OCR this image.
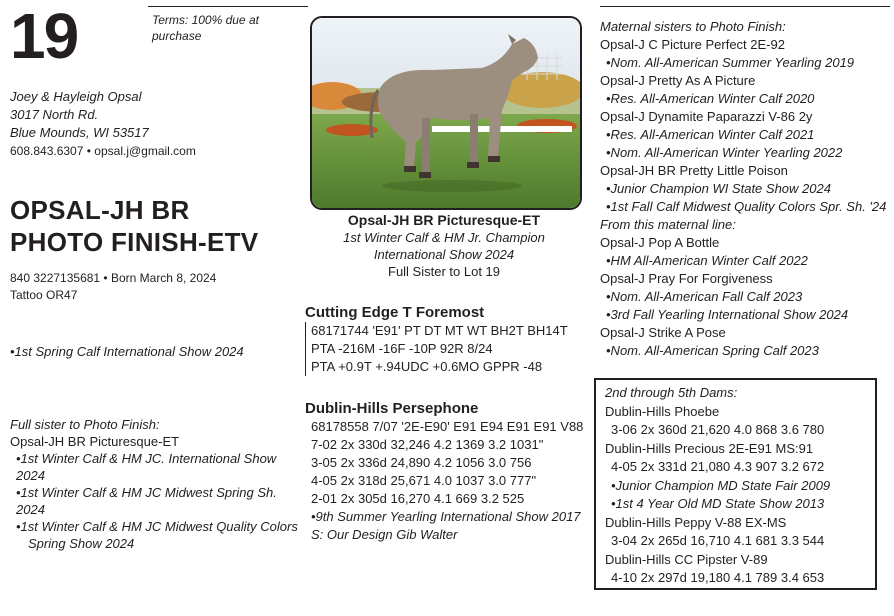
19	Terms: 100% due at purchase
Joey & Hayleigh Opsal
3017 North Rd.
Blue Mounds, WI 53517
608.843.6307 • opsal.j@gmail.com
OPSAL-JH BR
PHOTO FINISH-ETV
840 3227135681 • Born March 8, 2024
Tattoo OR47
•1st Spring Calf International Show 2024
Full sister to Photo Finish:
Opsal-JH BR Picturesque-ET
•1st Winter Calf & HM JC. International Show 2024
•1st Winter Calf & HM JC Midwest Spring Sh. 2024
•1st Winter Calf & HM JC Midwest Quality Colors
Spring Show 2024
Opsal-JH BR Picturesque-ET
1st Winter Calf & HM Jr. Champion
International Show 2024
Full Sister to Lot 19
Cutting Edge T Foremost
68171744 'E91' PT DT MT WT BH2T BH14T
PTA -216M -16F -10P 92R 8/24
PTA +0.9T +.94UDC +0.6MO GPPR -48
Dublin-Hills Persephone
68178558 7/07 '2E-E90' E91 E94 E91 E91 V88
7-02 2x 330d 32,246 4.2 1369 3.2 1031"
3-05 2x 336d 24,890 4.2 1056 3.0 756
4-05 2x 318d 25,671 4.0 1037 3.0 777"
2-01 2x 305d 16,270 4.1 669 3.2 525
•9th Summer Yearling International Show 2017
S: Our Design Gib Walter
Maternal sisters to Photo Finish:
Opsal-J C Picture Perfect 2E-92
•Nom. All-American Summer Yearling 2019
Opsal-J Pretty As A Picture
•Res. All-American Winter Calf 2020
Opsal-J Dynamite Paparazzi V-86 2y
•Res. All-American Winter Calf 2021
•Nom. All-American Winter Yearling 2022
Opsal-JH BR Pretty Little Poison
•Junior Champion WI State Show 2024
•1st Fall Calf Midwest Quality Colors Spr. Sh. '24
From this maternal line:
Opsal-J Pop A Bottle
•HM All-American Winter Calf 2022
Opsal-J Pray For Forgiveness
•Nom. All-American Fall Calf 2023
•3rd Fall Yearling International Show 2024
Opsal-J Strike A Pose
•Nom. All-American Spring Calf 2023
2nd through 5th Dams:
Dublin-Hills Phoebe
3-06 2x 360d 21,620 4.0 868 3.6 780
Dublin-Hills Precious 2E-E91 MS:91
4-05 2x 331d 21,080 4.3 907 3.2 672
•Junior Champion MD State Fair 2009
•1st 4 Year Old MD State Show 2013
Dublin-Hills Peppy V-88 EX-MS
3-04 2x 265d 16,710 4.1 681 3.3 544
Dublin-Hills CC Pipster V-89
4-10 2x 297d 19,180 4.1 789 3.4 653
